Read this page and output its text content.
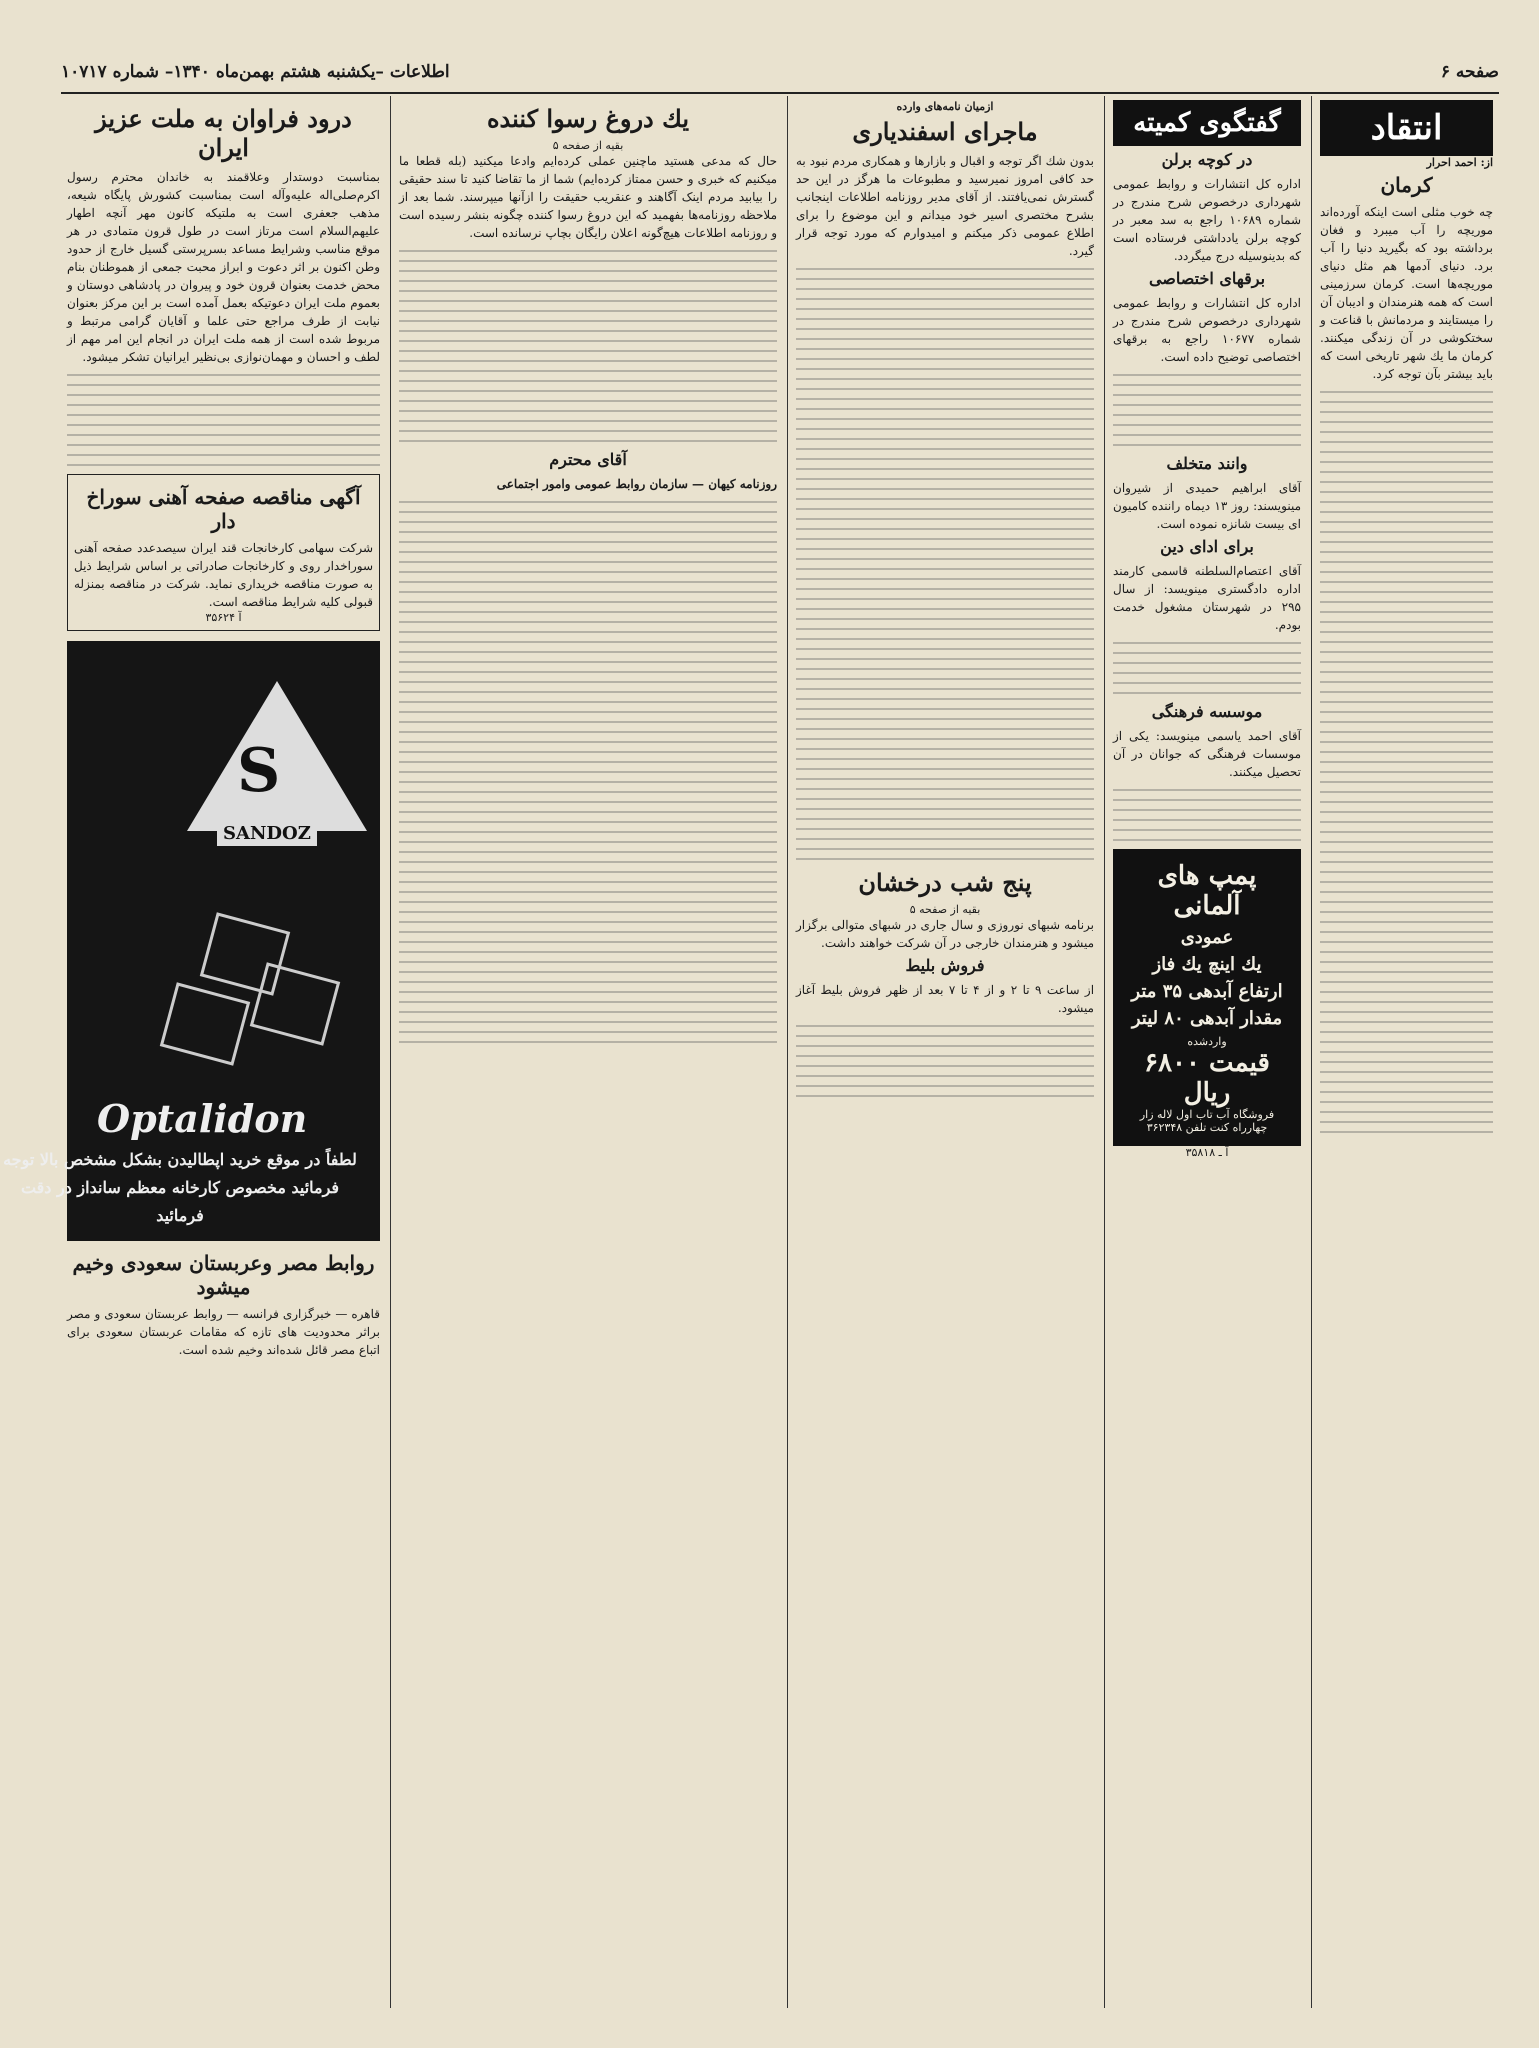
اطلاعات –یکشنبه هشتم بهمن‌ماه ۱۳۴۰– شماره ۱۰۷۱۷	صفحه ۶
درود فراوان به ملت عزیز ایران
بمناسبت دوستدار وعلاقمند به خاندان محترم رسول اکرم‌صلی‌اله علیه‌وآله است بمناسبت کشورش پایگاه شیعه، مذهب جعفری است به ملتیکه کانون مهر آنچه اطهار علیهم‌السلام است مرتاز است در طول قرون متمادی در هر موقع مناسب وشرایط مساعد بسرپرستی گسیل خارج از حدود وطن اکنون بر اثر دعوت و ابراز محبت جمعی از هموطنان بنام محض خدمت بعنوان قرون خود و پیروان در پادشاهی دوستان و بعموم ملت ایران دعوتیکه بعمل آمده است بر این مرکز بعنوان نیابت از طرف مراجع حتی علما و آقایان گرامی مرتبط و مربوط شده است از همه ملت ایران در انجام این امر مهم از لطف و احسان و مهمان‌نوازی بی‌نظیر ایرانیان تشکر میشود.
آگهی مناقصه صفحه آهنی سوراخ دار
شرکت سهامی کارخانجات قند ایران سیصدعدد صفحه آهنی سوراخدار روی و کارخانجات صادراتی بر اساس شرایط ذیل به صورت مناقصه خریداری نماید. شرکت در مناقصه بمنزله قبولی کلیه شرایط مناقصه است.
آ ۳۵۶۲۴
S
SANDOZ
Optalidon
لطفاً در موقع خرید اپطالیدن بشکل مشخص بالا توجه فرمائید مخصوص کارخانه معظم سانداز در دقت فرمائید
روابط مصر وعربستان سعودی وخیم میشود
قاهره — خبرگزاری فرانسه — روابط عربستان سعودی و مصر براثر محدودیت های تازه که مقامات عربستان سعودی برای اتباع مصر قائل شده‌اند وخیم شده است.
یك دروغ رسوا کننده
بقیه از صفحه ۵
حال که مدعی هستید ماچنین عملی کرده‌ایم وادعا میکنید (بله قطعا ما میکنیم که خبری و حسن ممتاز کرده‌ایم) شما از ما تقاضا کنید تا سند حقیقی را بیابید مردم اینک آگاهند و عنقریب حقیقت را ازآنها میپرسند. شما بعد از ملاحظه روزنامه‌ها بفهمید که این دروغ رسوا کننده چگونه بنشر رسیده است و روزنامه اطلاعات هیچ‌گونه اعلان رایگان بچاپ نرسانده است.
آقای محترم
روزنامه کیهان — سازمان روابط عمومی وامور اجتماعی
ازمیان نامه‌های وارده
ماجرای اسفندیاری
بدون شك اگر توجه و اقبال و بازارها و همکاری مردم نبود به حد کافی امروز نمیرسید و مطبوعات ما هرگز در این حد گسترش نمی‌یافتند. از آقای مدیر روزنامه اطلاعات اینجانب بشرح مختصری اسیر خود میدانم و این موضوع را برای اطلاع عمومی ذکر میکنم و امیدوارم که مورد توجه قرار گیرد.
پنج شب درخشان
بقیه از صفحه ۵
برنامه شبهای نوروزی و سال جاری در شبهای متوالی برگزار میشود و هنرمندان خارجی در آن شرکت خواهند داشت.
فروش بلیط
از ساعت ۹ تا ۲ و از ۴ تا ۷ بعد از ظهر فروش بلیط آغاز میشود.
گفتگوی کمیته
در کوچه برلن
اداره کل انتشارات و روابط عمومی شهرداری درخصوص شرح مندرج در شماره ۱۰۶۸۹ راجع به سد معبر در کوچه برلن یادداشتی فرستاده است که بدینوسیله درج میگردد.
برقهای اختصاصی
اداره کل انتشارات و روابط عمومی شهرداری درخصوص شرح مندرج در شماره ۱۰۶۷۷ راجع به برقهای اختصاصی توضیح داده است.
وانند متخلف
آقای ابراهیم حمیدی از شیروان مینویسند: روز ۱۳ دیماه راننده کامیون ای بیست شانزه نموده است.
برای ادای دین
آقای اعتصام‌السلطنه قاسمی کارمند اداره دادگستری مینویسد: از سال ۲۹۵ در شهرستان مشغول خدمت بودم.
موسسه فرهنگی
آقای احمد یاسمی مینویسد: یکی از موسسات فرهنگی که جوانان در آن تحصیل میکنند.
پمپ های آلمانی
عمودی
یك اینچ یك فاز
ارتفاع آبدهی ۳۵ متر
مقدار آبدهی ۸۰ لیتر
واردشده
قیمت ۶۸۰۰ ریال
فروشگاه آب تاب اول لاله زار
چهارراه کنت تلفن ۳۶۲۳۴۸
آ ـ ۳۵۸۱۸
انتقاد
از: احمد احرار
کرمان
چه خوب مثلی است اینکه آورده‌اند موریچه را آب میبرد و فغان برداشته بود که بگیرید دنیا را آب برد. دنیای آدمها هم مثل دنیای موریچه‌ها است. کرمان سرزمینی است که همه هنرمندان و ادیبان آن را میستایند و مردمانش با قناعت و سختکوشی در آن زندگی میکنند. کرمان ما یك شهر تاریخی است که باید بیشتر بآن توجه کرد.
